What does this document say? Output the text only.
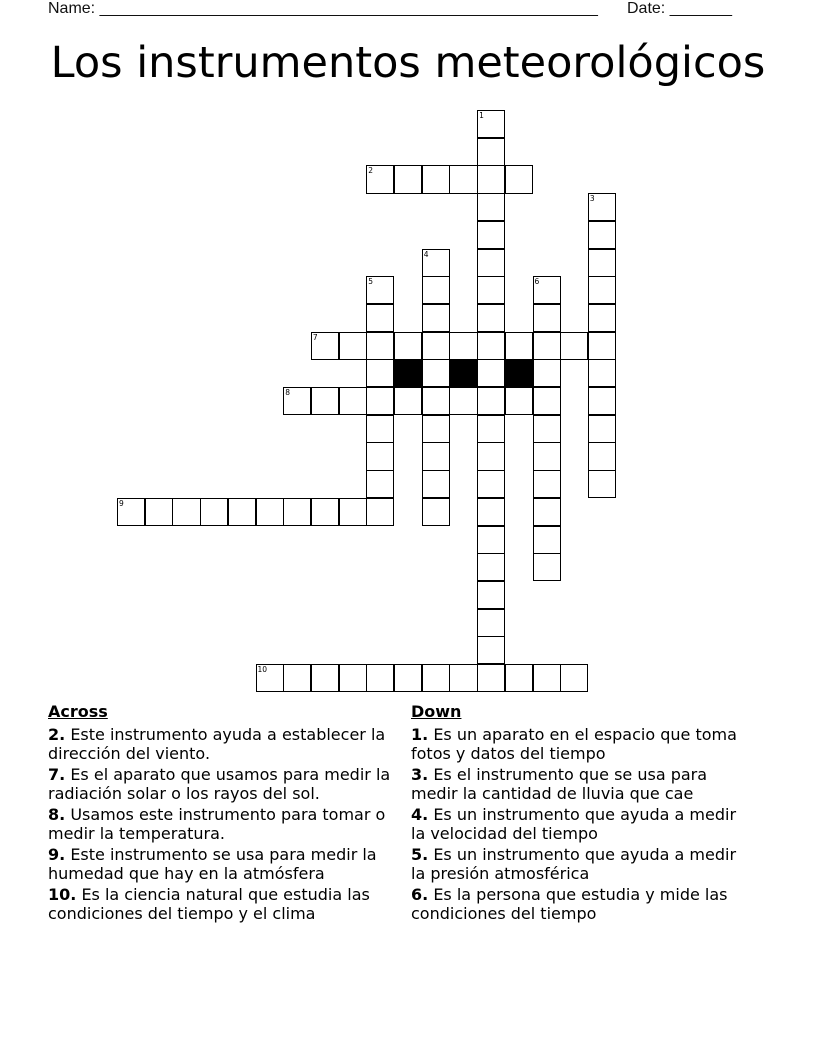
Name: ________________________________________________________ Date: _______
Los instrumentos meteorológicos
1
2
3
4
5	6
7
8
9
10
Across
2. Este instrumento ayuda a establecer la dirección del viento.
7. Es el aparato que usamos para medir la radiación solar o los rayos del sol.
8. Usamos este instrumento para tomar o medir la temperatura.
9. Este instrumento se usa para medir la humedad que hay en la atmósfera
10. Es la ciencia natural que estudia las condiciones del tiempo y el clima
Down
1. Es un aparato en el espacio que toma fotos y datos del tiempo
3. Es el instrumento que se usa para medir la cantidad de lluvia que cae
4. Es un instrumento que ayuda a medir la velocidad del tiempo
5. Es un instrumento que ayuda a medir la presión atmosférica
6. Es la persona que estudia y mide las condiciones del tiempo
